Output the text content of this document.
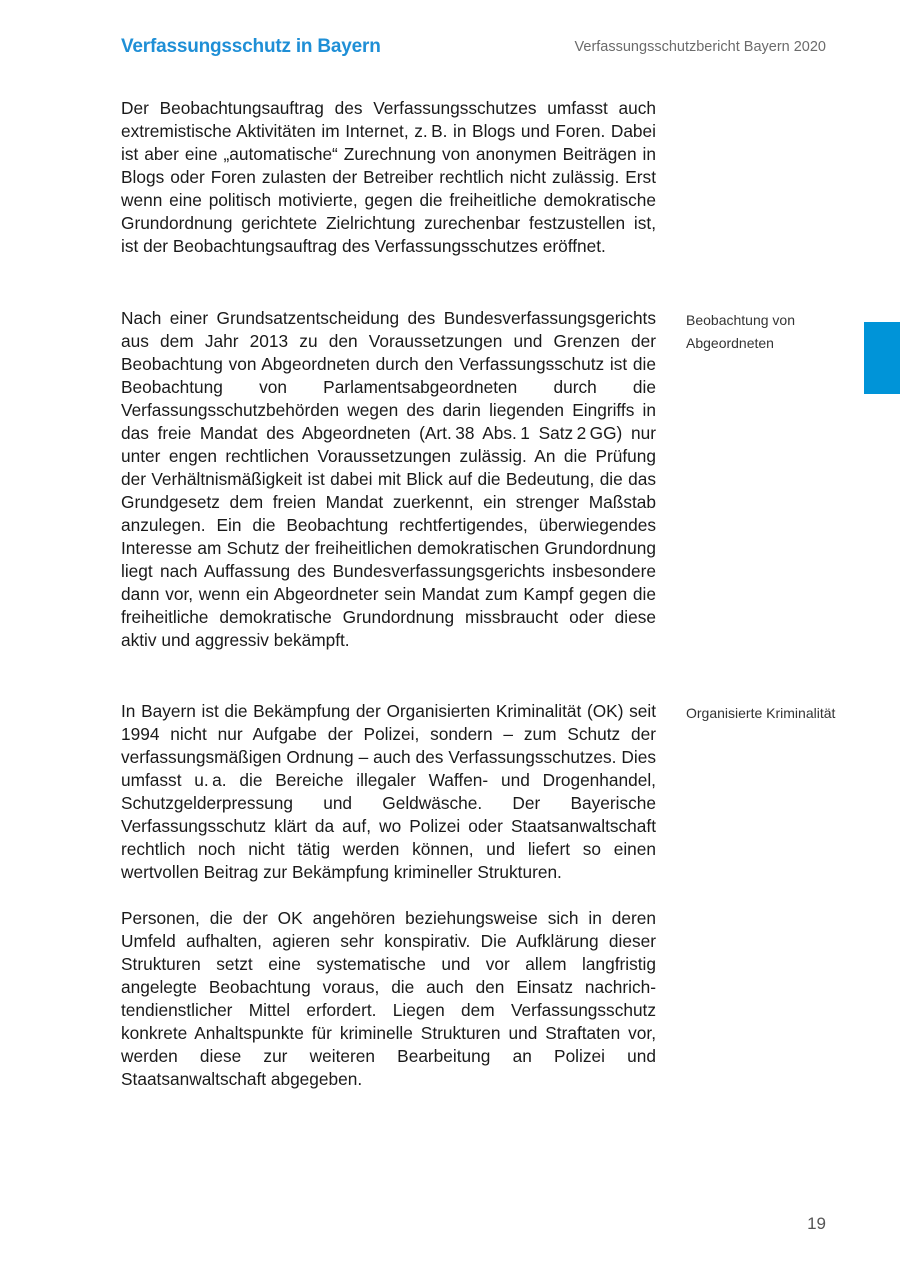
Verfassungsschutz in Bayern	Verfassungsschutzbericht Bayern 2020

Der Beobachtungsauftrag des Verfassungsschutzes umfasst auch extremistische Aktivitäten im Internet, z. B. in Blogs und Foren. Dabei ist aber eine „automatische“ Zurechnung von anonymen Beiträgen in Blogs oder Foren zulasten der Betreiber rechtlich nicht zulässig. Erst wenn eine politisch motivierte, gegen die freiheitliche demokratische Grundordnung gerichtete Zielrichtung zurechenbar festzustellen ist, ist der Beobachtungsauftrag des Verfassungsschutzes eröffnet.

Nach einer Grundsatzentscheidung des Bundesverfassungsgerichts aus dem Jahr 2013 zu den Voraussetzungen und Grenzen der Beobachtung von Abgeordneten durch den Verfassungsschutz ist die Beobachtung von Parlamentsabgeordneten durch die Verfassungsschutzbehörden wegen des darin liegenden Eingriffs in das freie Mandat des Abgeordneten (Art. 38 Abs. 1 Satz 2 GG) nur unter engen rechtlichen Voraussetzungen zulässig. An die Prüfung der Verhältnismäßigkeit ist dabei mit Blick auf die Bedeutung, die das Grundgesetz dem freien Mandat zuerkennt, ein strenger Maßstab anzulegen. Ein die Beobachtung rechtfertigendes, überwiegendes Interesse am Schutz der freiheitlichen demokratischen Grundordnung liegt nach Auffassung des Bundesverfassungsgerichts insbesondere dann vor, wenn ein Abgeordneter sein Mandat zum Kampf gegen die freiheitliche demokratische Grundordnung missbraucht oder diese aktiv und aggressiv bekämpft.

In Bayern ist die Bekämpfung der Organisierten Kriminalität (OK) seit 1994 nicht nur Aufgabe der Polizei, sondern – zum Schutz der verfassungsmäßigen Ordnung – auch des Verfassungsschutzes. Dies umfasst u. a. die Bereiche illegaler Waffen- und Drogenhandel, Schutzgelderpressung und Geldwäsche. Der Bayerische Verfassungsschutz klärt da auf, wo Polizei oder Staatsanwaltschaft rechtlich noch nicht tätig werden können, und liefert so einen wertvollen Beitrag zur Bekämpfung krimineller Strukturen.

Personen, die der OK angehören beziehungsweise sich in deren Umfeld aufhalten, agieren sehr konspirativ. Die Aufklärung dieser Strukturen setzt eine systematische und vor allem langfristig angelegte Beobachtung voraus, die auch den Einsatz nachrichtendienstlicher Mittel erfordert. Liegen dem Verfassungsschutz konkrete Anhaltspunkte für kriminelle Strukturen und Straftaten vor, werden diese zur weiteren Bearbeitung an Polizei und Staatsanwaltschaft abgegeben.

Beobachtung von Abgeordneten
Organisierte Kriminalität
19
